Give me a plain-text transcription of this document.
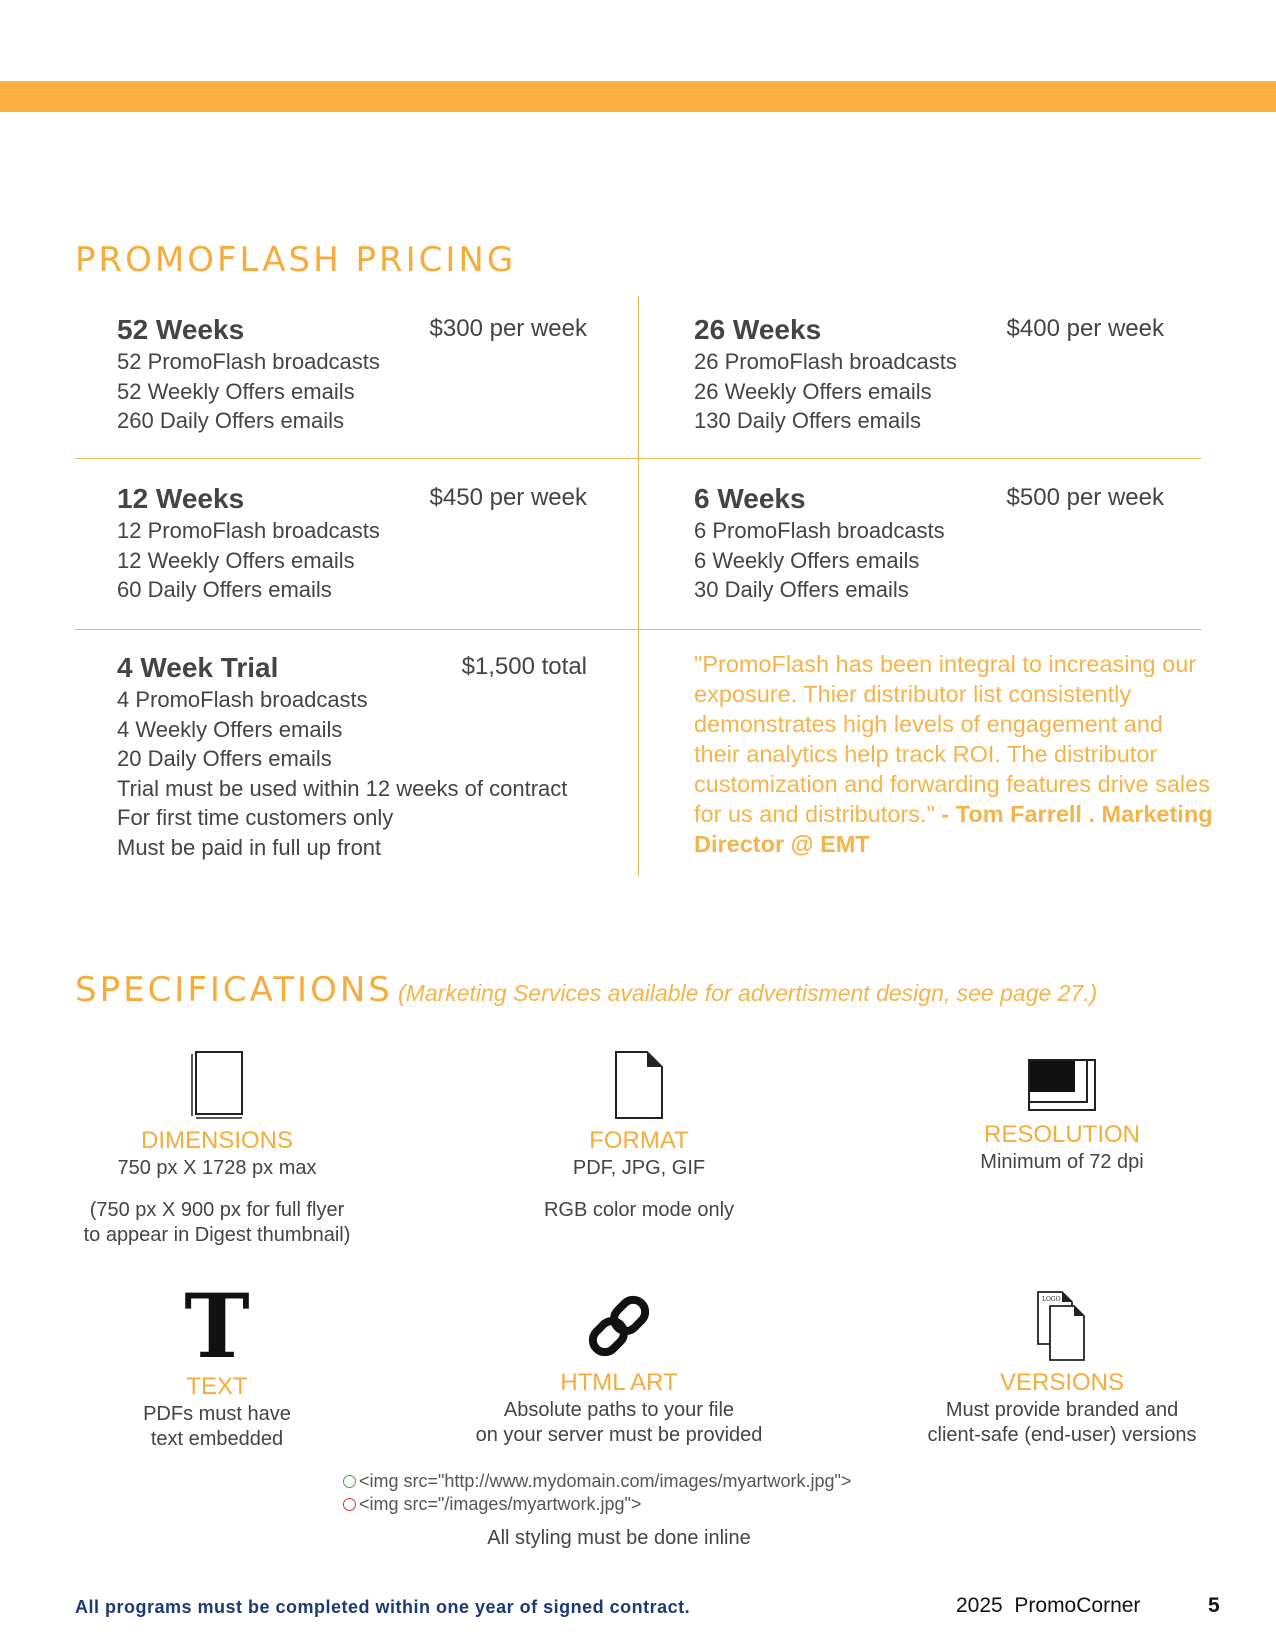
PROMOFLASH PRICING
52 Weeks	$300 per week
52 PromoFlash broadcasts
52 Weekly Offers emails
260 Daily Offers emails
26 Weeks	$400 per week
26 PromoFlash broadcasts
26 Weekly Offers emails
130 Daily Offers emails
12 Weeks	$450 per week
12 PromoFlash broadcasts
12 Weekly Offers emails
60 Daily Offers emails
6 Weeks	$500 per week
6 PromoFlash broadcasts
6 Weekly Offers emails
30 Daily Offers emails
4 Week Trial	$1,500 total
4 PromoFlash broadcasts
4 Weekly Offers emails
20 Daily Offers emails
Trial must be used within 12 weeks of contract
For first time customers only
Must be paid in full up front
"PromoFlash has been integral to increasing our exposure. Thier distributor list consistently demonstrates high levels of engagement and their analytics help track ROI. The distributor customization and forwarding features drive sales for us and distributors." - Tom Farrell . Marketing Director @ EMT
SPECIFICATIONS (Marketing Services available for advertisment design, see page 27.)
DIMENSIONS
750 px X 1728 px max
(750 px X 900 px for full flyer
to appear in Digest thumbnail)
FORMAT
PDF, JPG, GIF
RGB color mode only
RESOLUTION
Minimum of 72 dpi
T
TEXT
PDFs must have
text embedded
HTML ART
Absolute paths to your file
on your server must be provided
<img src="http://www.mydomain.com/images/myartwork.jpg">
<img src="/images/myartwork.jpg">
All styling must be done inline
LOGO
VERSIONS
Must provide branded and
client-safe (end-user) versions
All programs must be completed within one year of signed contract.	2025  PromoCorner	5
